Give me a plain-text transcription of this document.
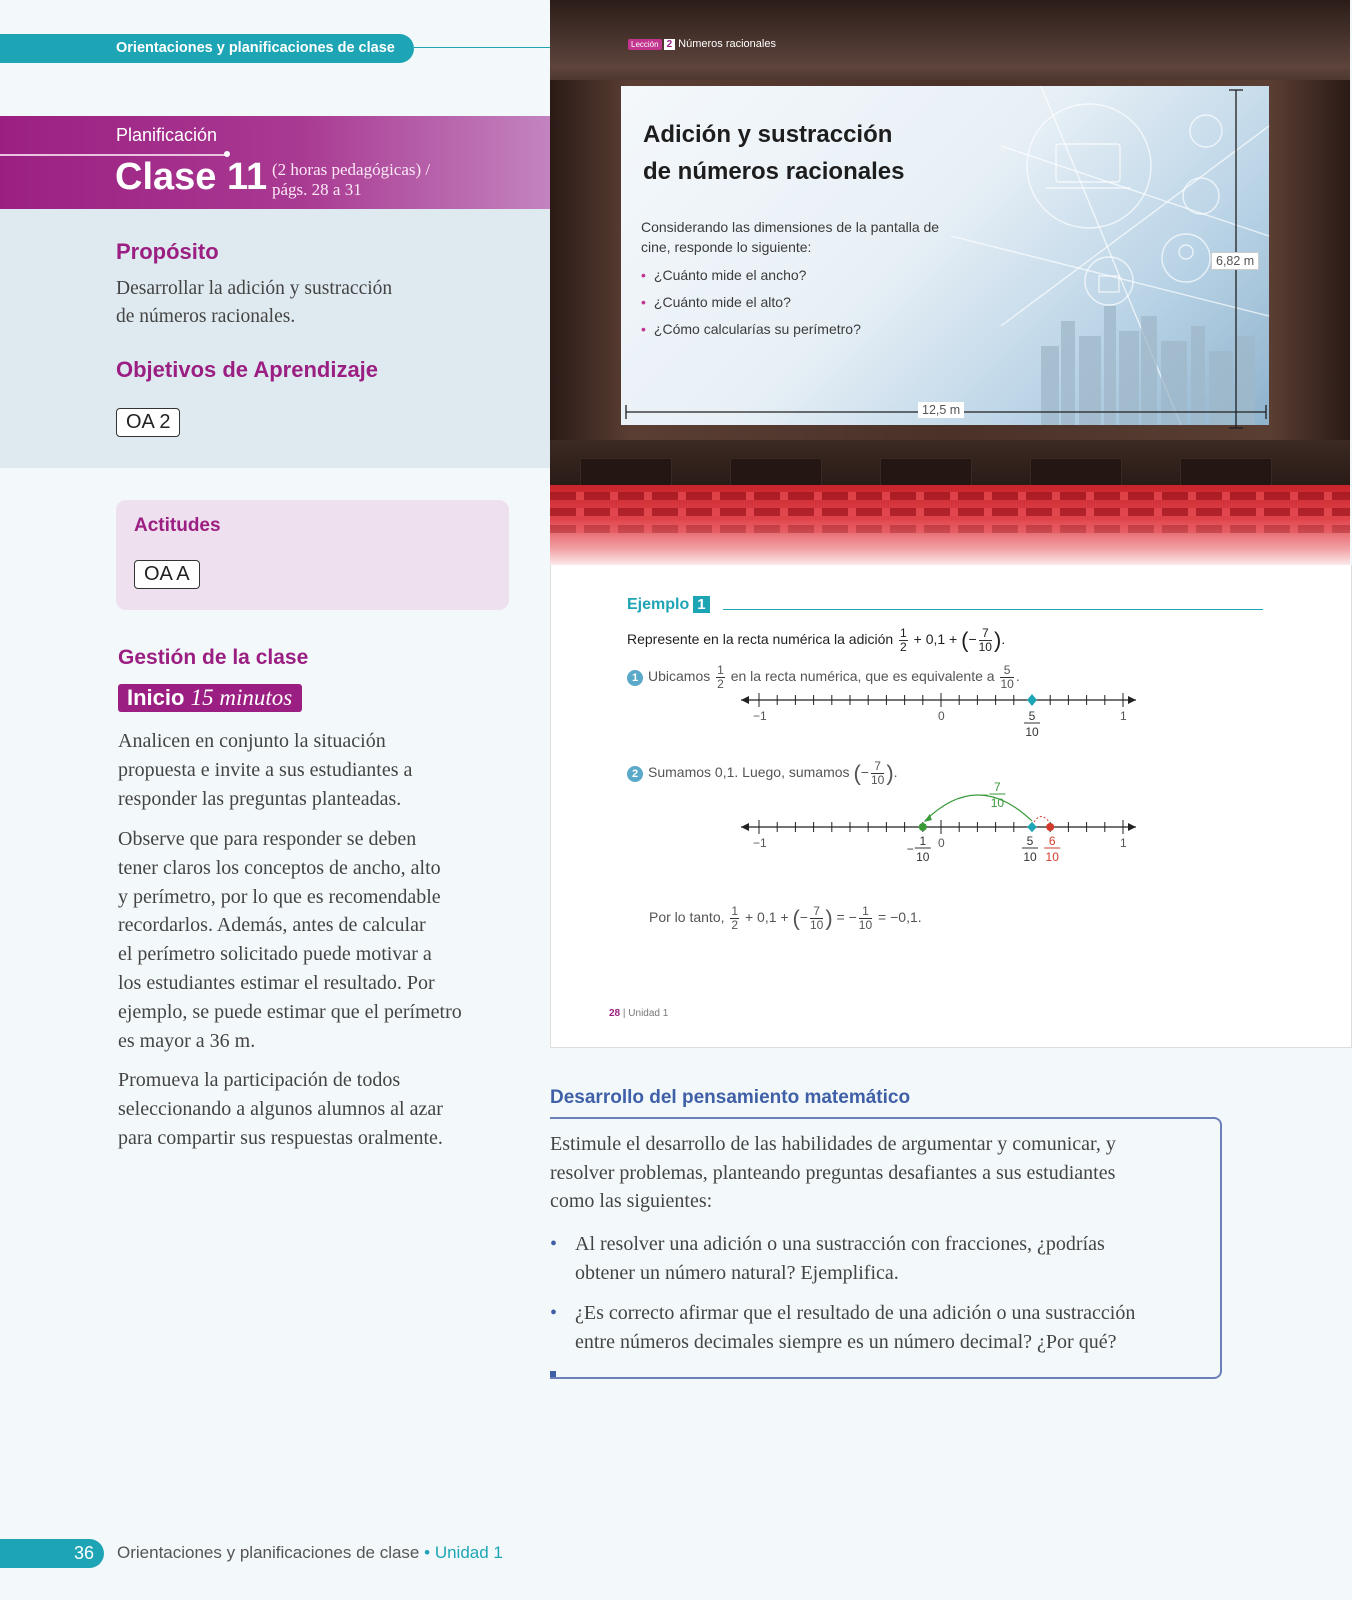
Orientaciones y planificaciones de clase
Planificación
Clase 11 (2 horas pedagógicas) /
págs. 28 a 31
Propósito
Desarrollar la adición y sustracción
de números racionales.
Objetivos de Aprendizaje
OA 2
Actitudes
OA A
Gestión de la clase
Inicio 15 minutos
Analicen en conjunto la situación
propuesta e invite a sus estudiantes a
responder las preguntas planteadas.
Observe que para responder se deben
tener claros los conceptos de ancho, alto
y perímetro, por lo que es recomendable
recordarlos. Además, antes de calcular
el perímetro solicitado puede motivar a
los estudiantes estimar el resultado. Por
ejemplo, se puede estimar que el perímetro
es mayor a 36 m.
Promueva la participación de todos
seleccionando a algunos alumnos al azar
para compartir sus respuestas oralmente.
Lección 2 Números racionales
Adición y sustracción
de números racionales
Considerando las dimensiones de la pantalla de cine, responde lo siguiente:
• ¿Cuánto mide el ancho?
• ¿Cuánto mide el alto?
• ¿Cómo calcularías su perímetro?
12,5 m
6,82 m
Ejemplo 1
Represente en la recta numérica la adición $\frac{1}{2} + 0,1$ + (− $\frac{7}{10}$ ).
1 Ubicamos $\frac{1}{2}$ en la recta numérica, que es equivalente a $\frac{5}{10}$ .
−1	0	1
5
10
2 Sumamos 0,1. Luego, sumamos (− $\frac{7}{10}$ ).
−1	0	1
−
7
10
−
1
10
5
10
6
10
Por lo tanto, $\frac{1}{2} + 0,1$ + (− $\frac{7}{10}$ ) = − $\frac{1}{10} = -0,1$.
28 | Unidad 1
Desarrollo del pensamiento matemático
Estimule el desarrollo de las habilidades de argumentar y comunicar, y
resolver problemas, planteando preguntas desafiantes a sus estudiantes
como las siguientes:
• Al resolver una adición o una sustracción con fracciones, ¿podrías
obtener un número natural? Ejemplifica.
• ¿Es correcto afirmar que el resultado de una adición o una sustracción
entre números decimales siempre es un número decimal? ¿Por qué?
36	Orientaciones y planificaciones de clase • Unidad 1
